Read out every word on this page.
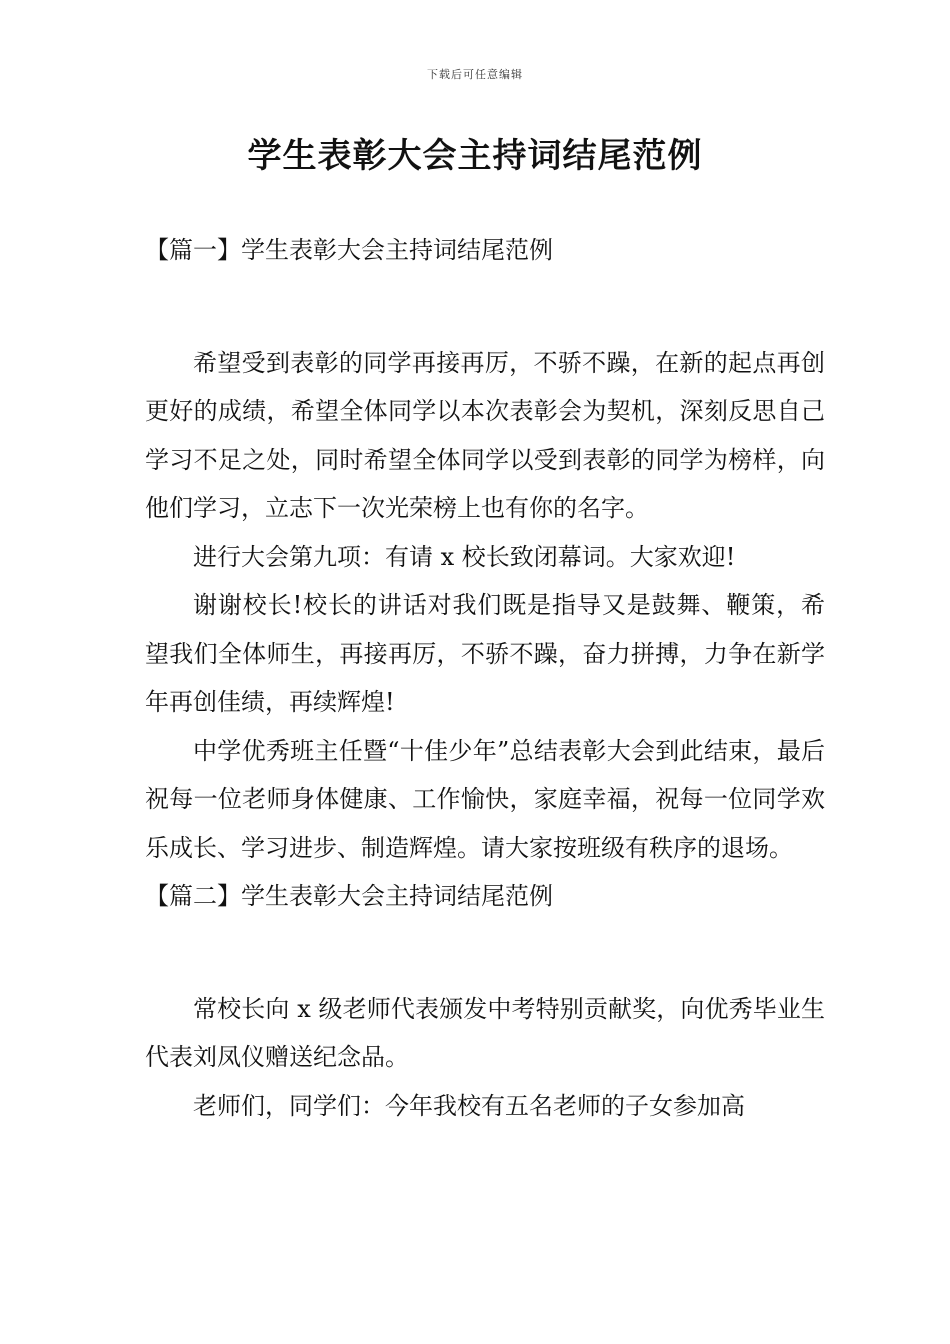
下载后可任意编辑
学生表彰大会主持词结尾范例
【篇一】学生表彰大会主持词结尾范例

希望受到表彰的同学再接再厉，不骄不躁，在新的起点再创更好的成绩，希望全体同学以本次表彰会为契机，深刻反思自己学习不足之处，同时希望全体同学以受到表彰的同学为榜样，向他们学习，立志下一次光荣榜上也有你的名字。

进行大会第九项：有请 x 校长致闭幕词。大家欢迎!

谢谢校长!校长的讲话对我们既是指导又是鼓舞、鞭策，希望我们全体师生，再接再厉，不骄不躁，奋力拼搏，力争在新学年再创佳绩，再续辉煌!

中学优秀班主任暨“十佳少年”总结表彰大会到此结束，最后祝每一位老师身体健康、工作愉快，家庭幸福，祝每一位同学欢乐成长、学习进步、制造辉煌。请大家按班级有秩序的退场。

【篇二】学生表彰大会主持词结尾范例

常校长向 x 级老师代表颁发中考特别贡献奖，向优秀毕业生代表刘凤仪赠送纪念品。

老师们，同学们：今年我校有五名老师的子女参加高
